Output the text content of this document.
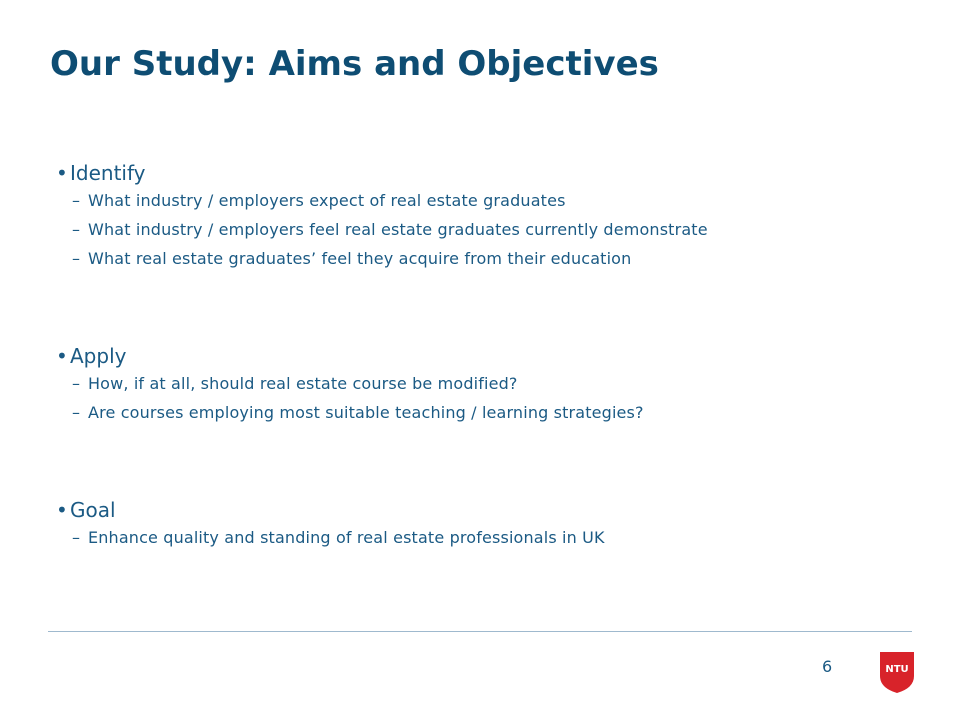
Our Study: Aims and Objectives
• Identify
– What industry / employers expect of real estate graduates
– What industry / employers feel real estate graduates currently demonstrate
– What real estate graduates’ feel they acquire from their education
• Apply
– How, if at all, should real estate course be modified?
– Are courses employing most suitable teaching / learning strategies?
• Goal
– Enhance quality and standing of real estate professionals in UK
6	NTU
